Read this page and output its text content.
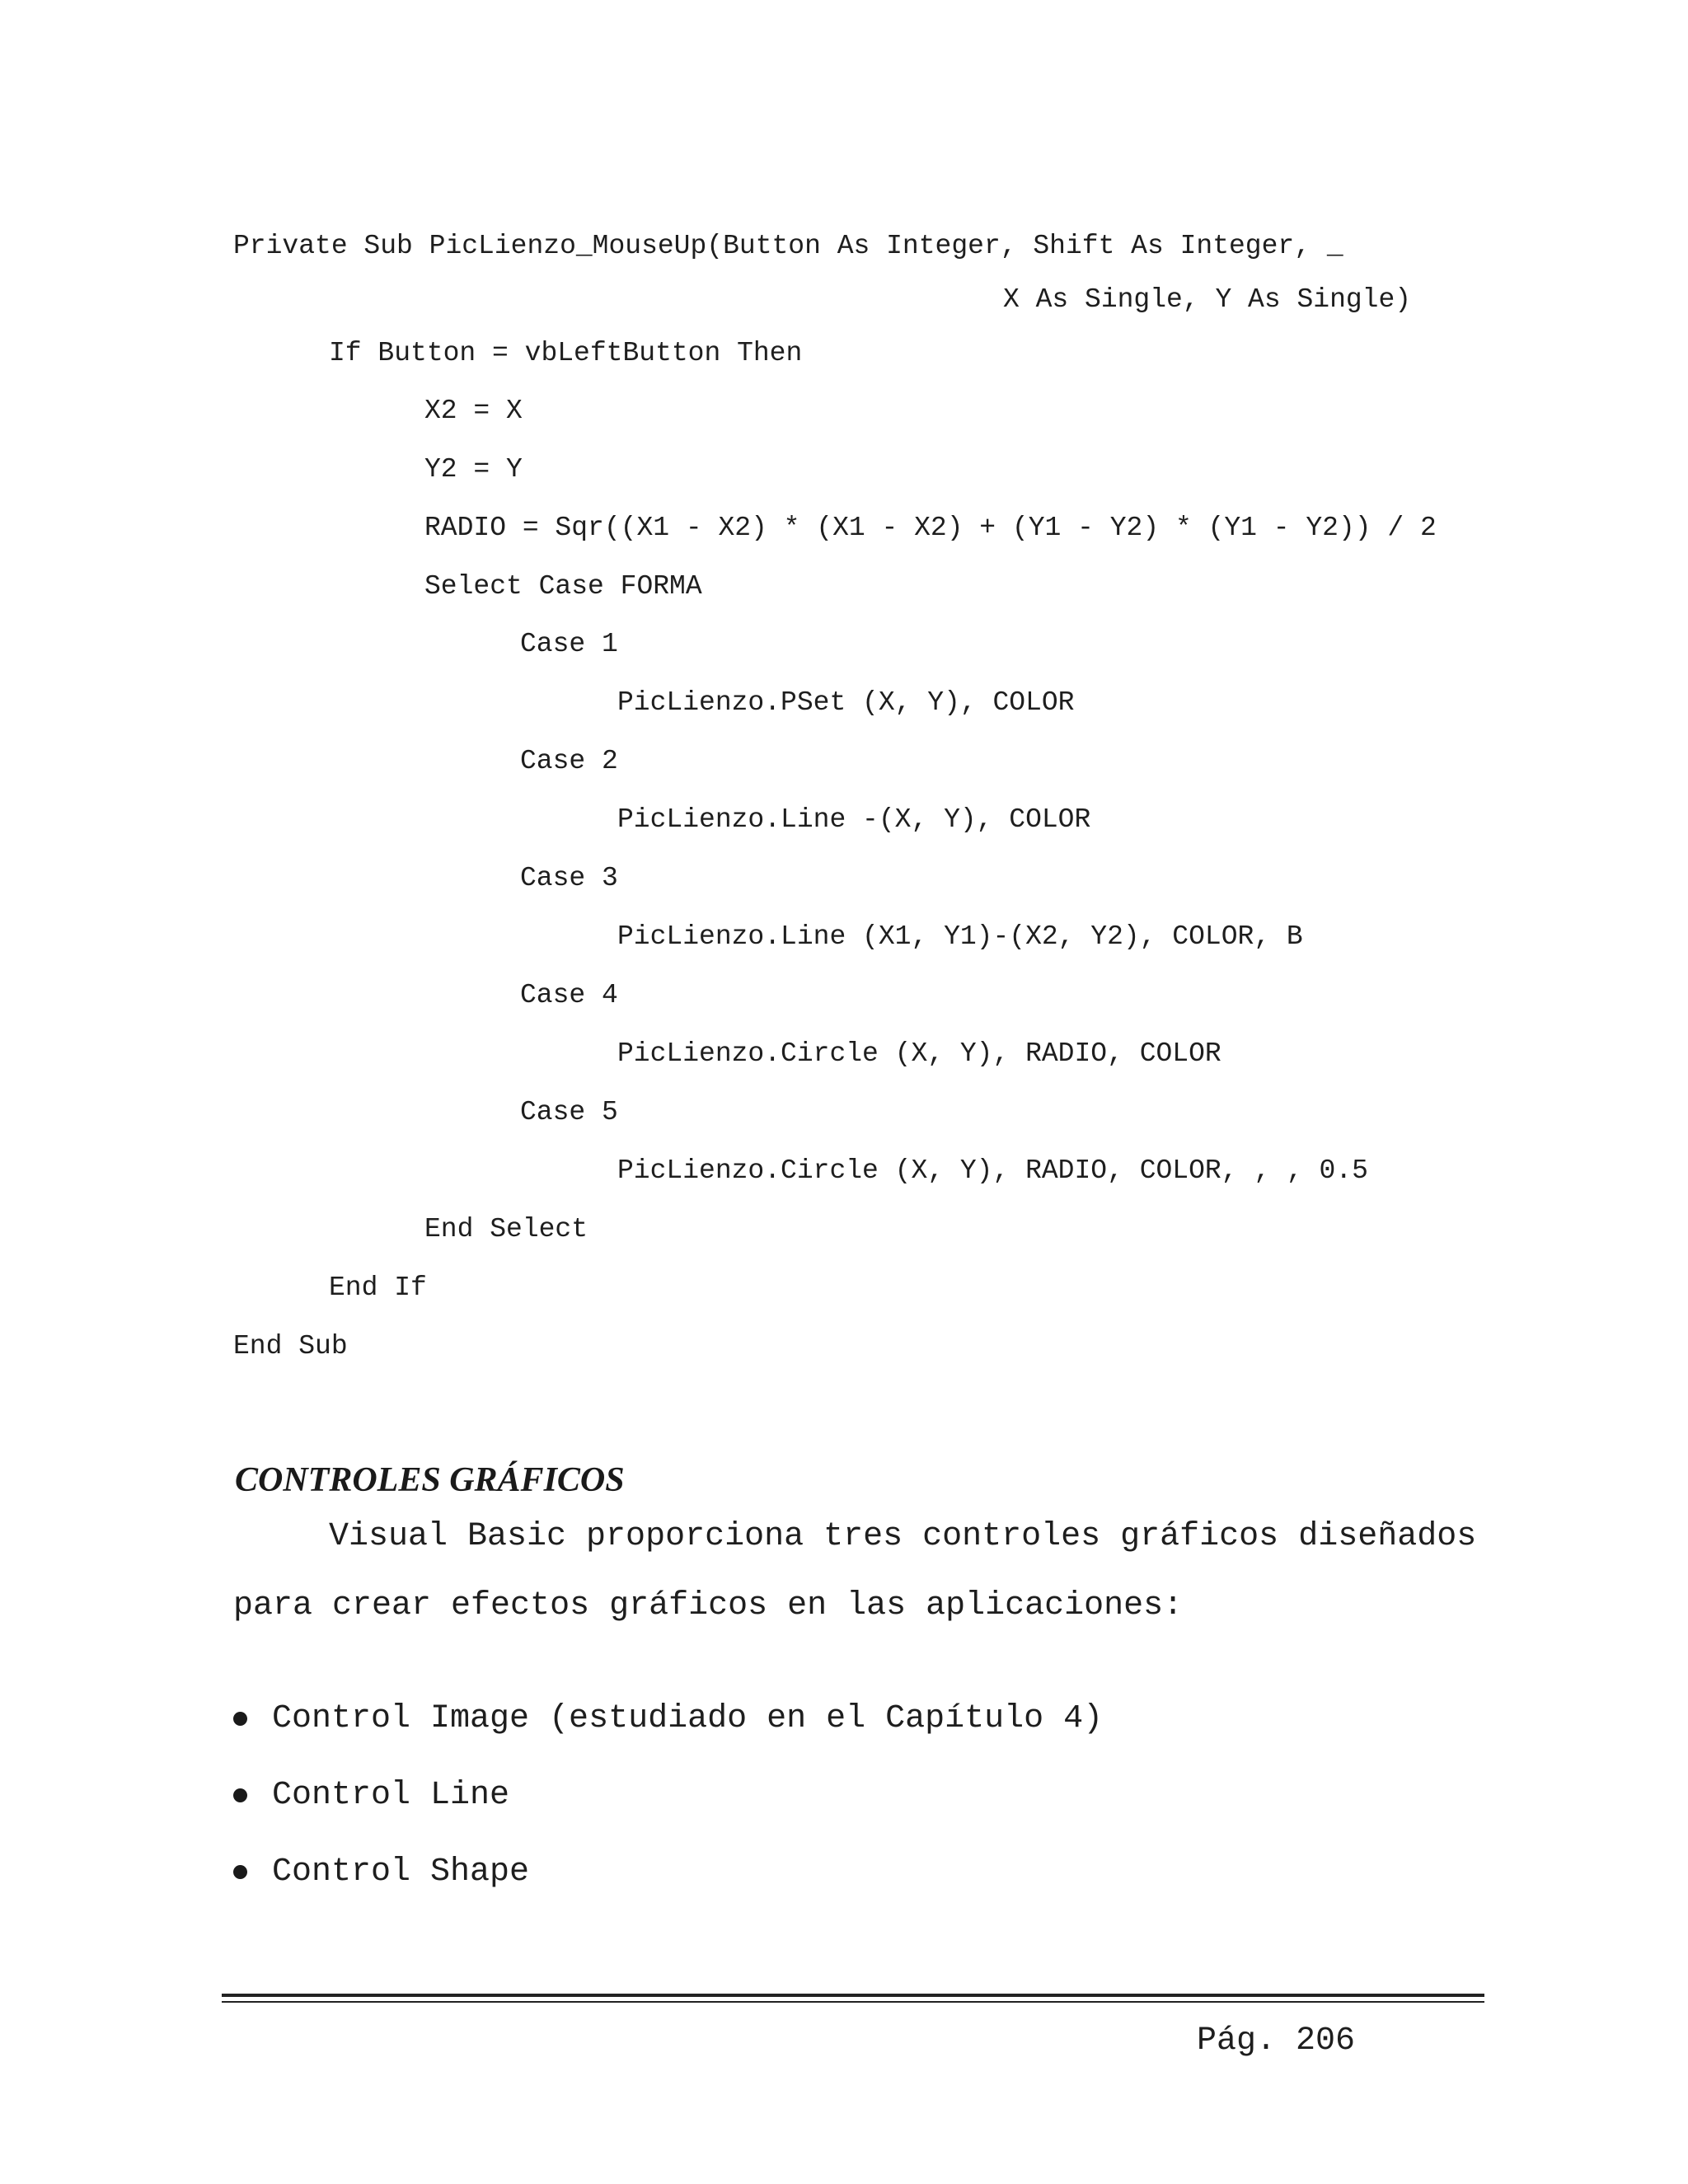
Private Sub PicLienzo_MouseUp(Button As Integer, Shift As Integer, _
X As Single, Y As Single)
If Button = vbLeftButton Then
X2 = X
Y2 = Y
RADIO = Sqr((X1 - X2) * (X1 - X2) + (Y1 - Y2) * (Y1 - Y2)) / 2
Select Case FORMA
Case 1
PicLienzo.PSet (X, Y), COLOR
Case 2
PicLienzo.Line -(X, Y), COLOR
Case 3
PicLienzo.Line (X1, Y1)-(X2, Y2), COLOR, B
Case 4
PicLienzo.Circle (X, Y), RADIO, COLOR
Case 5
PicLienzo.Circle (X, Y), RADIO, COLOR, , , 0.5
End Select
End If
End Sub
CONTROLES GRÁFICOS
Visual Basic proporciona tres controles gráficos diseñados
para crear efectos gráficos en las aplicaciones:
Control Image (estudiado en el Capítulo 4)
Control Line
Control Shape
Pág. 206
